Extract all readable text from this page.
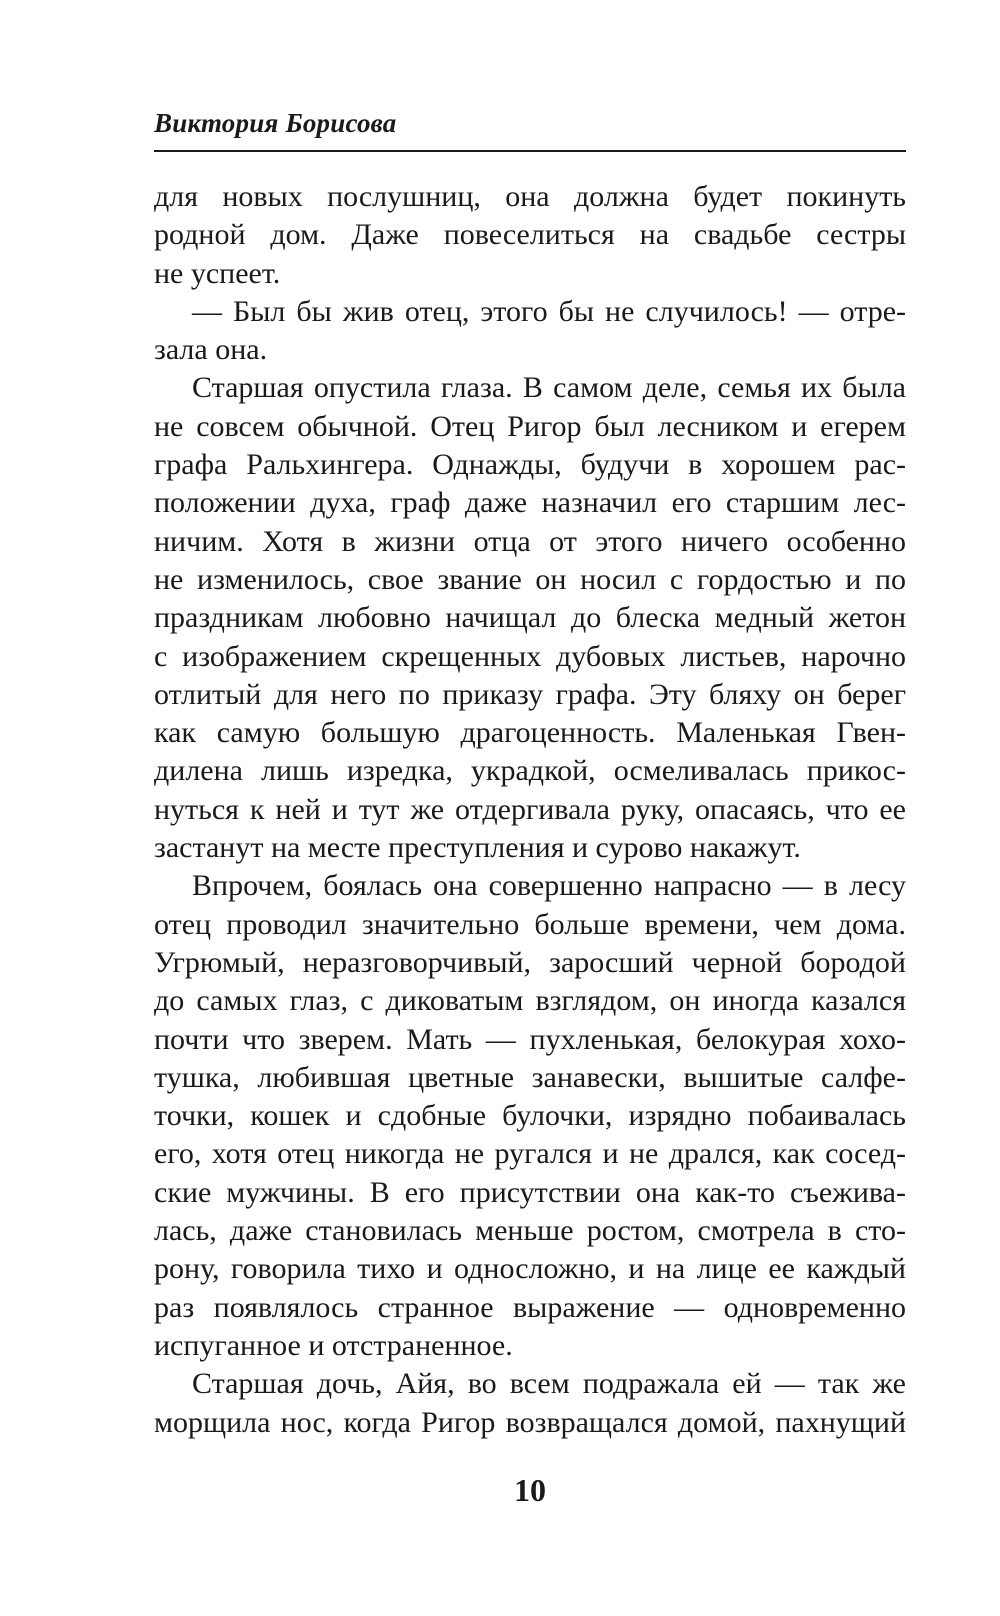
Виктория Борисова
для новых послушниц, она должна будет покинуть
родной дом. Даже повеселиться на свадьбе сестры
не успеет.
— Был бы жив отец, этого бы не случилось! — отре-
зала она.
Старшая опустила глаза. В самом деле, семья их была
не совсем обычной. Отец Ригор был лесником и егерем
графа Ральхингера. Однажды, будучи в хорошем рас-
положении духа, граф даже назначил его старшим лес-
ничим. Хотя в жизни отца от этого ничего особенно
не изменилось, свое звание он носил с гордостью и по
праздникам любовно начищал до блеска медный жетон
с изображением скрещенных дубовых листьев, нарочно
отлитый для него по приказу графа. Эту бляху он берег
как самую большую драгоценность. Маленькая Гвен-
дилена лишь изредка, украдкой, осмеливалась прикос-
нуться к ней и тут же отдергивала руку, опасаясь, что ее
застанут на месте преступления и сурово накажут.
Впрочем, боялась она совершенно напрасно — в лесу
отец проводил значительно больше времени, чем дома.
Угрюмый, неразговорчивый, заросший черной бородой
до самых глаз, с диковатым взглядом, он иногда казался
почти что зверем. Мать — пухленькая, белокурая хохо-
тушка, любившая цветные занавески, вышитые салфе-
точки, кошек и сдобные булочки, изрядно побаивалась
его, хотя отец никогда не ругался и не дрался, как сосед-
ские мужчины. В его присутствии она как-то съежива-
лась, даже становилась меньше ростом, смотрела в сто-
рону, говорила тихо и односложно, и на лице ее каждый
раз появлялось странное выражение — одновременно
испуганное и отстраненное.
Старшая дочь, Айя, во всем подражала ей — так же
морщила нос, когда Ригор возвращался домой, пахнущий
10
